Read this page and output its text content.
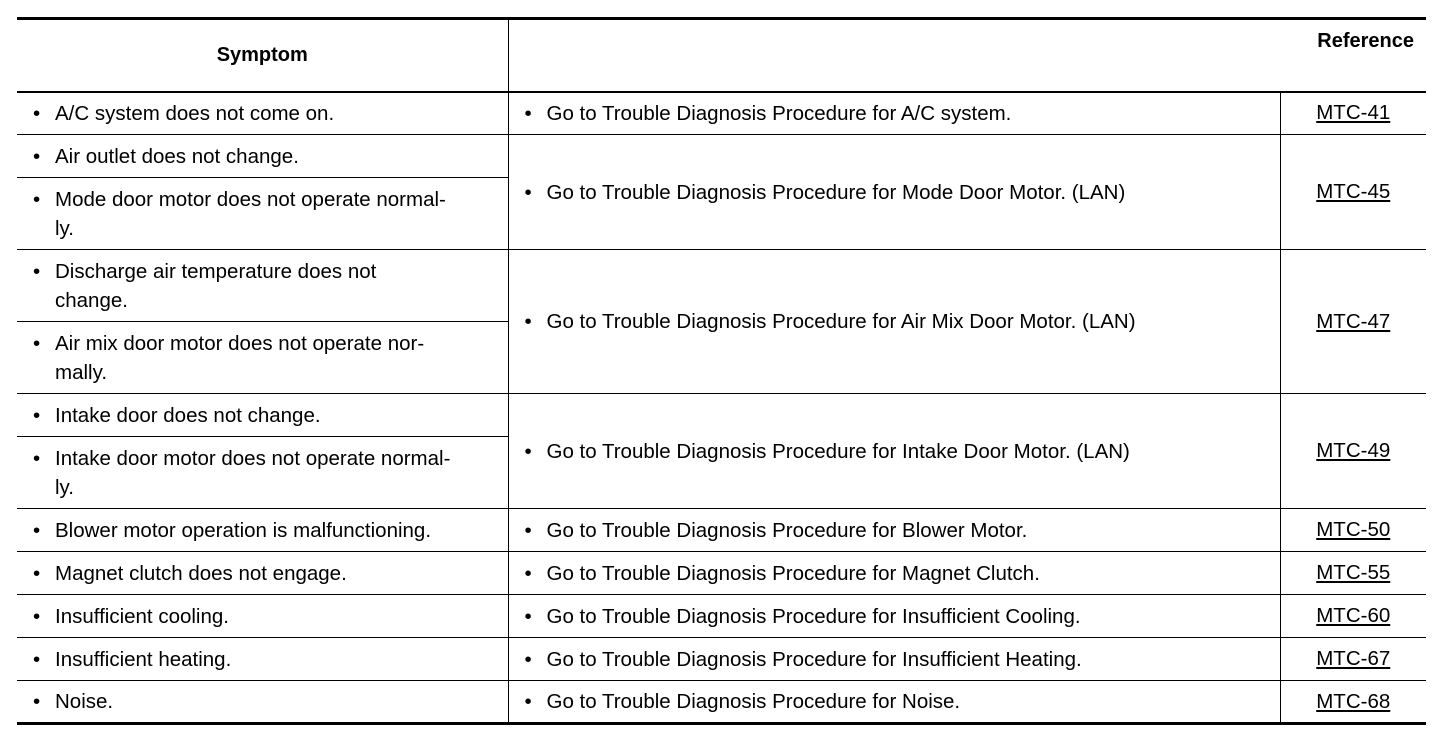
Symptom	Reference	

• A/C system does not come on.	• Go to Trouble Diagnosis Procedure for A/C system.	MTC-41

• Air outlet does not change.	• Go to Trouble Diagnosis Procedure for Mode Door Motor. (LAN)	MTC-45

• Mode door motor does not operate normal-
ly.		

• Discharge air temperature does not
change.	• Go to Trouble Diagnosis Procedure for Air Mix Door Motor. (LAN)	MTC-47

• Air mix door motor does not operate nor-
mally.		

• Intake door does not change.	• Go to Trouble Diagnosis Procedure for Intake Door Motor. (LAN)	MTC-49

• Intake door motor does not operate normal-
ly.		

• Blower motor operation is malfunctioning.	• Go to Trouble Diagnosis Procedure for Blower Motor.	MTC-50

• Magnet clutch does not engage.	• Go to Trouble Diagnosis Procedure for Magnet Clutch.	MTC-55

• Insufficient cooling.	• Go to Trouble Diagnosis Procedure for Insufficient Cooling.	MTC-60

• Insufficient heating.	• Go to Trouble Diagnosis Procedure for Insufficient Heating.	MTC-67

• Noise.	• Go to Trouble Diagnosis Procedure for Noise.	MTC-68
